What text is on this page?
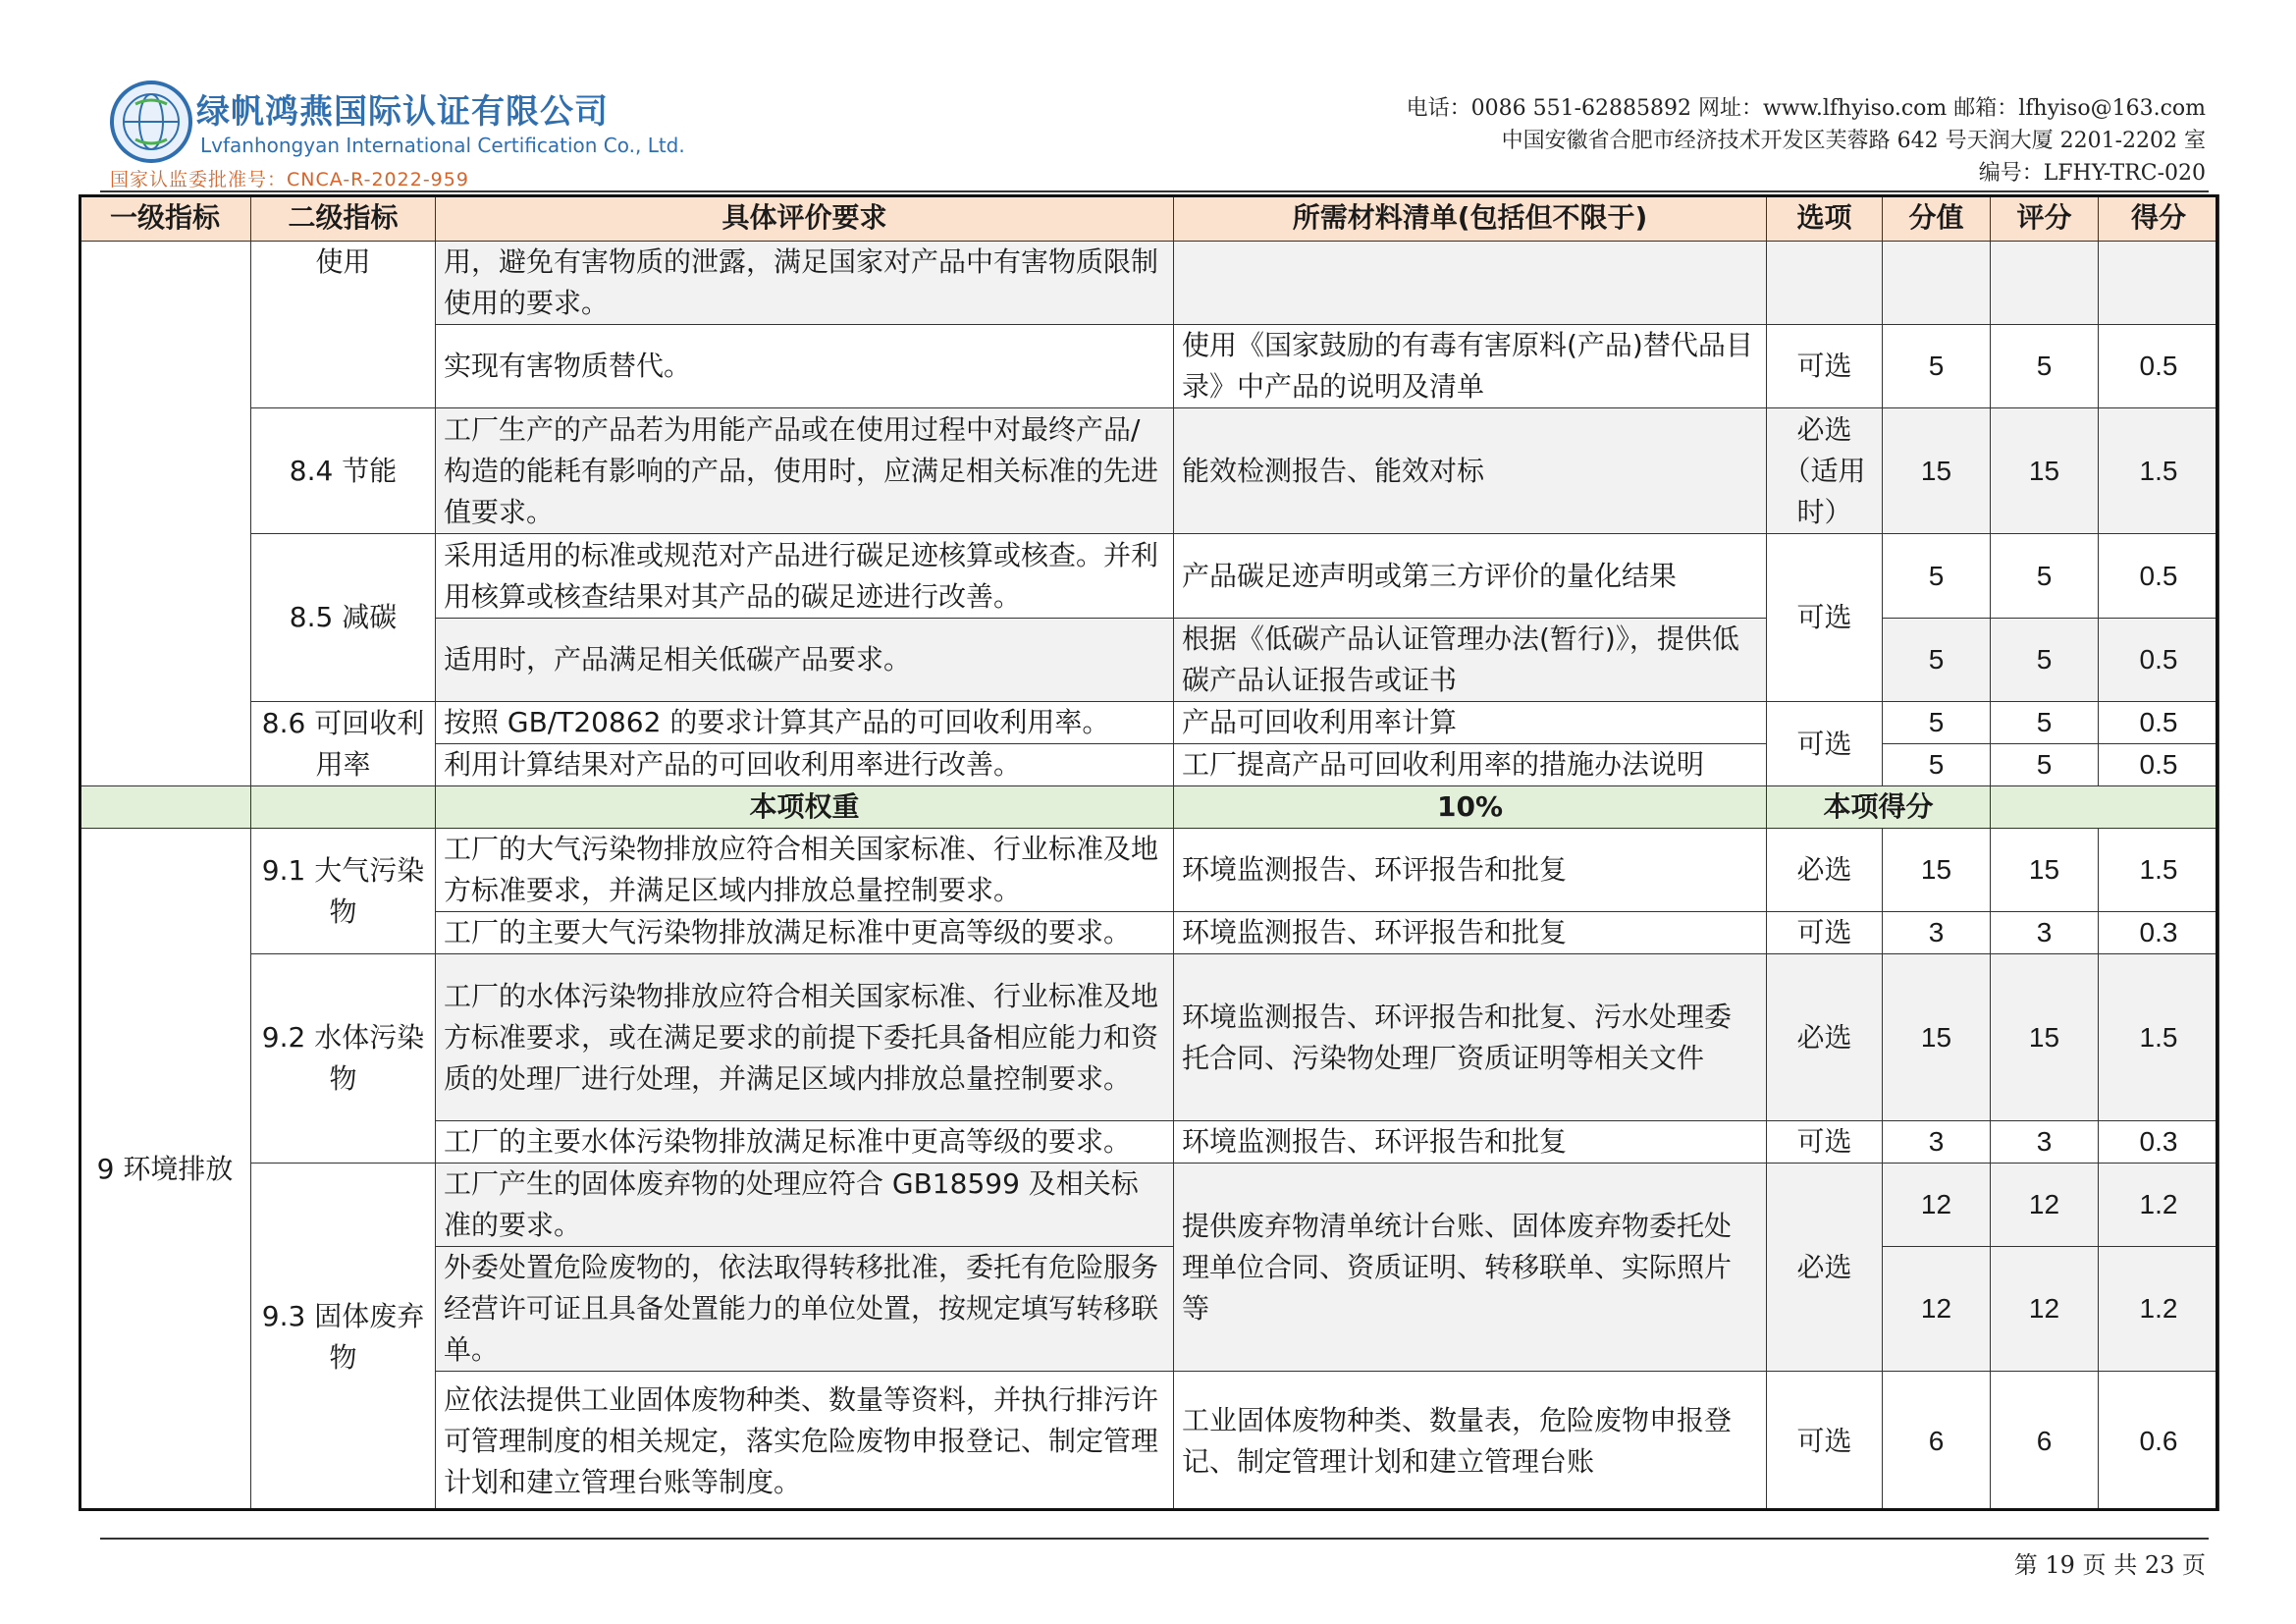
绿帆鸿燕国际认证有限公司
Lvfanhongyan International Certification Co., Ltd.
国家认监委批准号：CNCA-R-2022-959
电话：0086 551-62885892 网址：www.lfhyiso.com 邮箱：lfhyiso@163.com
中国安徽省合肥市经济技术开发区芙蓉路 642 号天润大厦 2201-2202 室
编号：LFHY-TRC-020
一级指标	二级指标	具体评价要求	所需材料清单(包括但不限于)	选项	分值	评分	得分
	使用	用，避免有害物质的泄露，满足国家对产品中有害物质限制使用的要求。					
		实现有害物质替代。	使用《国家鼓励的有毒有害原料(产品)替代品目录》中产品的说明及清单	可选	5	5	0.5
	8.4 节能	工厂生产的产品若为用能产品或在使用过程中对最终产品/构造的能耗有影响的产品，使用时，应满足相关标准的先进值要求。	能效检测报告、能效对标	必选（适用时）	15	15	1.5
	8.5 减碳	采用适用的标准或规范对产品进行碳足迹核算或核查。并利用核算或核查结果对其产品的碳足迹进行改善。	产品碳足迹声明或第三方评价的量化结果	可选	5	5	0.5
		适用时，产品满足相关低碳产品要求。	根据《低碳产品认证管理办法(暂行)》，提供低碳产品认证报告或证书		5	5	0.5
	8.6 可回收利用率	按照 GB/T20862 的要求计算其产品的可回收利用率。	产品可回收利用率计算	可选	5	5	0.5
		利用计算结果对产品的可回收利用率进行改善。	工厂提高产品可回收利用率的措施办法说明		5	5	0.5
		本项权重	10%	本项得分			
9 环境排放	9.1 大气污染物	工厂的大气污染物排放应符合相关国家标准、行业标准及地方标准要求，并满足区域内排放总量控制要求。	环境监测报告、环评报告和批复	必选	15	15	1.5
		工厂的主要大气污染物排放满足标准中更高等级的要求。	环境监测报告、环评报告和批复	可选	3	3	0.3
	9.2 水体污染物	工厂的水体污染物排放应符合相关国家标准、行业标准及地方标准要求，或在满足要求的前提下委托具备相应能力和资质的处理厂进行处理，并满足区域内排放总量控制要求。	环境监测报告、环评报告和批复、污水处理委托合同、污染物处理厂资质证明等相关文件	必选	15	15	1.5
		工厂的主要水体污染物排放满足标准中更高等级的要求。	环境监测报告、环评报告和批复	可选	3	3	0.3
	9.3 固体废弃物	工厂产生的固体废弃物的处理应符合 GB18599 及相关标准的要求。	提供废弃物清单统计台账、固体废弃物委托处理单位合同、资质证明、转移联单、实际照片等	必选	12	12	1.2
		外委处置危险废物的，依法取得转移批准，委托有危险服务经营许可证且具备处置能力的单位处置，按规定填写转移联单。			12	12	1.2
		应依法提供工业固体废物种类、数量等资料，并执行排污许可管理制度的相关规定，落实危险废物申报登记、制定管理计划和建立管理台账等制度。	工业固体废物种类、数量表，危险废物申报登记、制定管理计划和建立管理台账	可选	6	6	0.6
第 19 页 共 23 页
